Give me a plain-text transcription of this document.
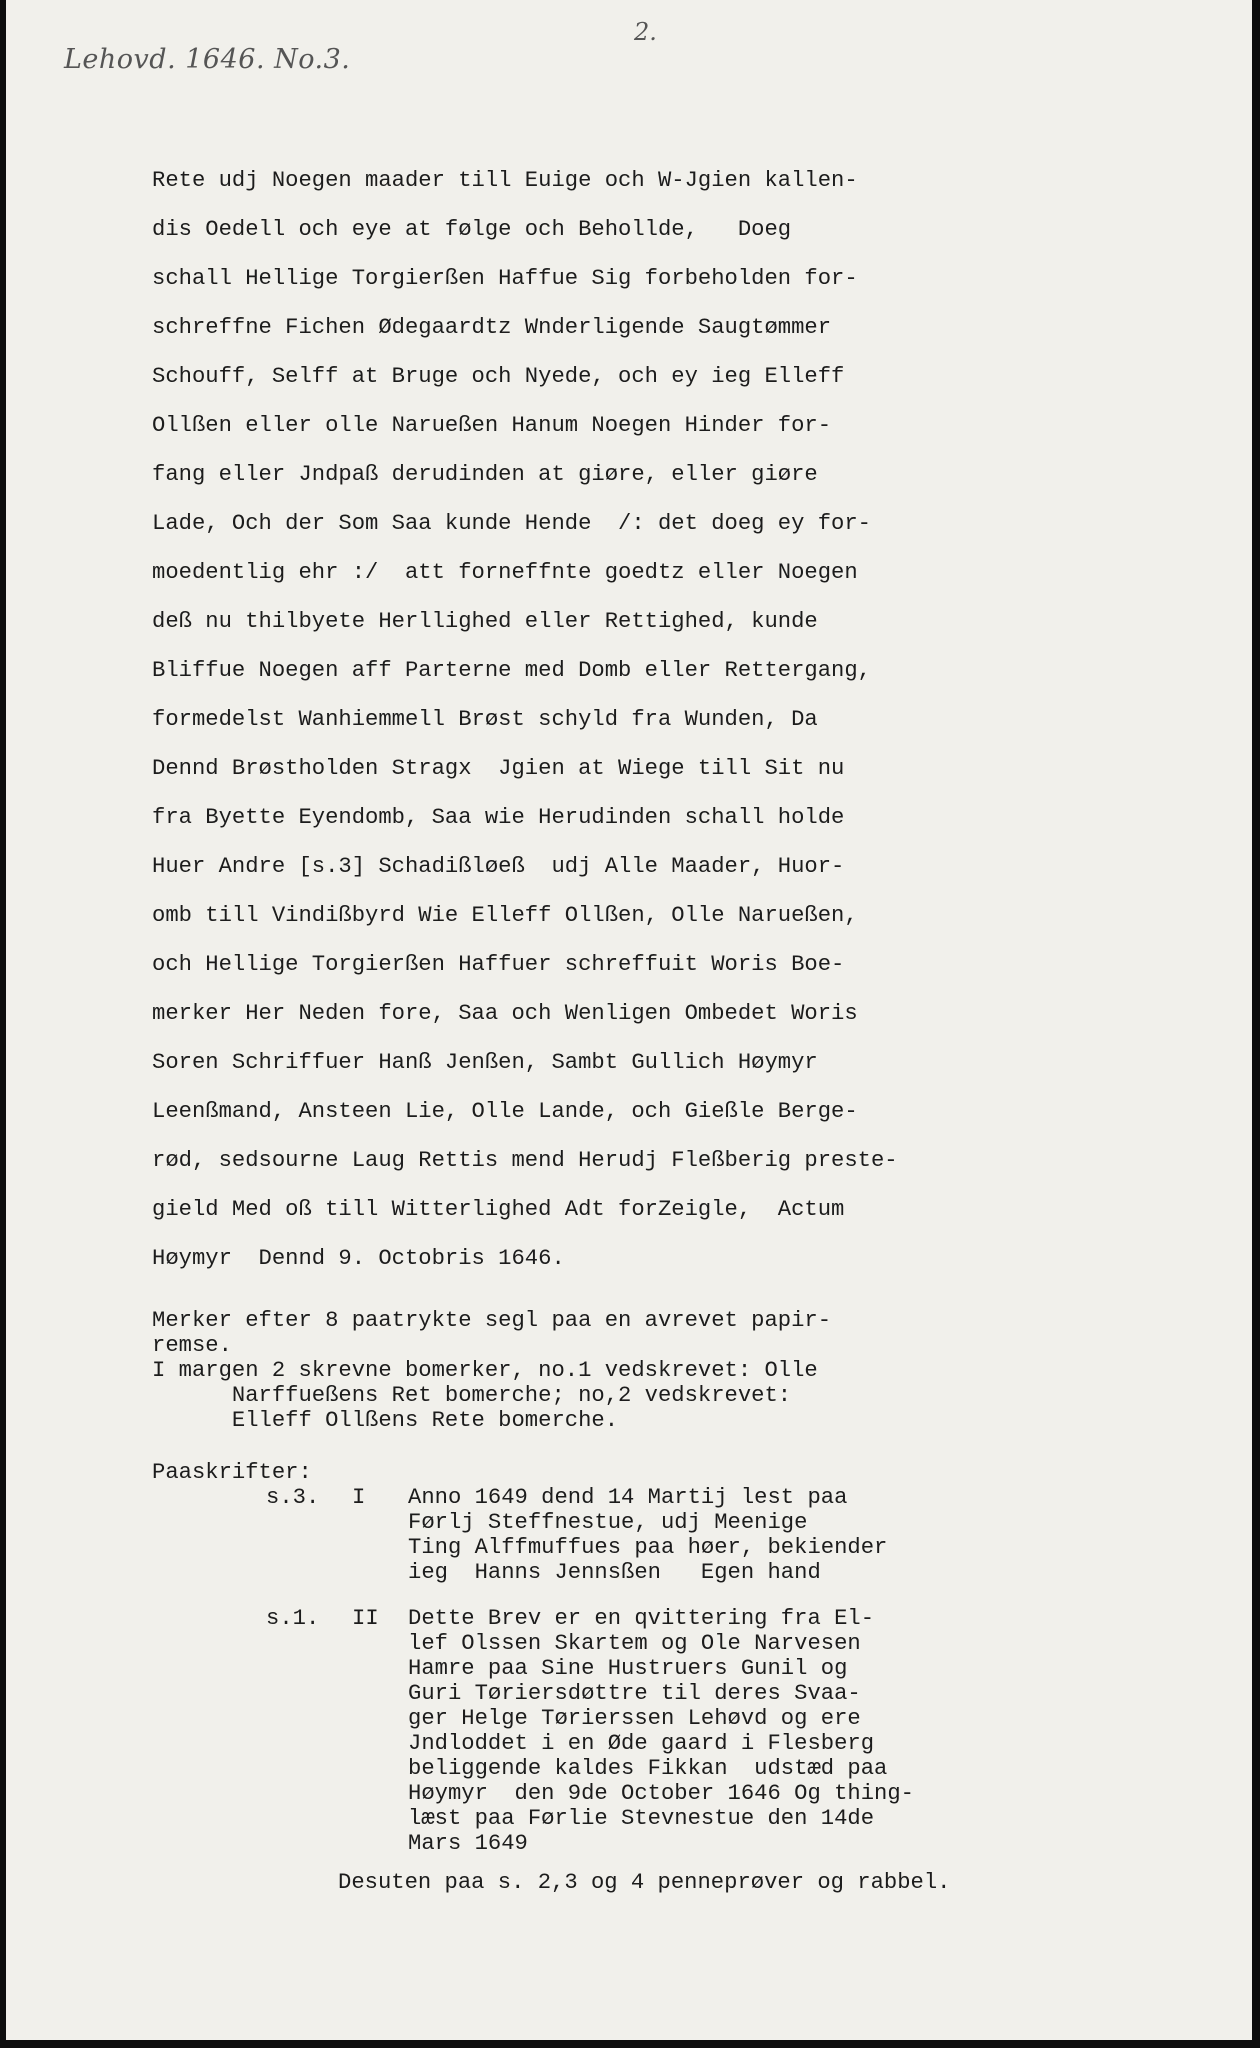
Lehovd. 1646. No.3.
2.
Rete udj Noegen maader till Euige och W-Jgien kallen-
dis Oedell och eye at følge och Behollde,   Doeg
schall Hellige Torgierßen Haffue Sig forbeholden for-
schreffne Fichen Ødegaardtz Wnderligende Saugtømmer
Schouff, Selff at Bruge och Nyede, och ey ieg Elleff
Ollßen eller olle Narueßen Hanum Noegen Hinder for-
fang eller Jndpaß derudinden at giøre, eller giøre
Lade, Och der Som Saa kunde Hende  /: det doeg ey for-
moedentlig ehr :/  att forneffnte goedtz eller Noegen
deß nu thilbyete Herllighed eller Rettighed, kunde
Bliffue Noegen aff Parterne med Domb eller Rettergang,
formedelst Wanhiemmell Brøst schyld fra Wunden, Da
Dennd Brøstholden Stragx  Jgien at Wiege till Sit nu
fra Byette Eyendomb, Saa wie Herudinden schall holde
Huer Andre [s.3] Schadißløeß  udj Alle Maader, Huor-
omb till Vindißbyrd Wie Elleff Ollßen, Olle Narueßen,
och Hellige Torgierßen Haffuer schreffuit Woris Boe-
merker Her Neden fore, Saa och Wenligen Ombedet Woris
Soren Schriffuer Hanß Jenßen, Sambt Gullich Høymyr
Leenßmand, Ansteen Lie, Olle Lande, och Gießle Berge-
rød, sedsourne Laug Rettis mend Herudj Fleßberig preste-
gield Med oß till Witterlighed Adt forZeigle,  Actum
Høymyr  Dennd 9. Octobris 1646.
Merker efter 8 paatrykte segl paa en avrevet papir-
remse.
I margen 2 skrevne bomerker, no.1 vedskrevet: Olle
Narffueßens Ret bomerche; no,2 vedskrevet:
Elleff Ollßens Rete bomerche.
Paaskrifter:
s.3. I Anno 1649 dend 14 Martij lest paa
Førlj Steffnestue, udj Meenige
Ting Alffmuffues paa høer, bekiender
ieg  Hanns Jennsßen   Egen hand
s.1. II Dette Brev er en qvittering fra El-
lef Olssen Skartem og Ole Narvesen
Hamre paa Sine Hustruers Gunil og
Guri Tøriersdøttre til deres Svaa-
ger Helge Tørierssen Lehøvd og ere
Jndloddet i en Øde gaard i Flesberg
beliggende kaldes Fikkan  udstæd paa
Høymyr  den 9de October 1646 Og thing-
læst paa Førlie Stevnestue den 14de
Mars 1649
Desuten paa s. 2,3 og 4 penneprøver og rabbel.
